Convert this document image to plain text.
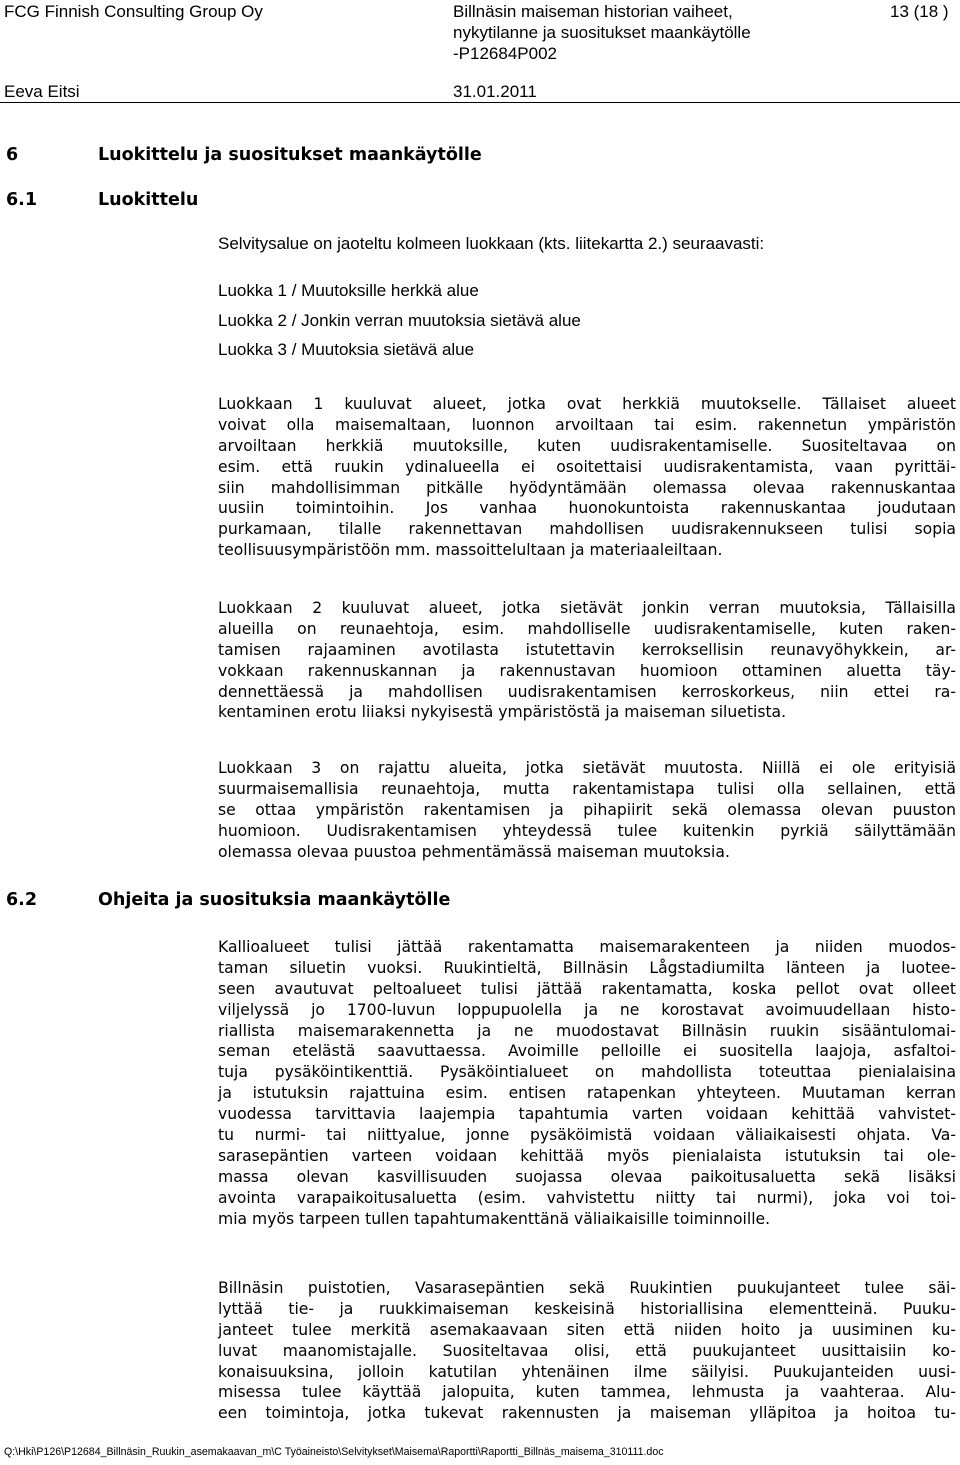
FCG Finnish Consulting Group Oy	Billnäsin maiseman historian vaiheet,
nykytilanne ja suositukset maankäytölle
-P12684P002
13 (18 )
Eeva Eitsi	31.01.2011
6	Luokittelu ja suositukset maankäytölle
6.1	Luokittelu
Selvitysalue on jaoteltu kolmeen luokkaan (kts. liitekartta 2.) seuraavasti:
Luokka 1 / Muutoksille herkkä alue
Luokka 2 / Jonkin verran muutoksia sietävä alue
Luokka 3 / Muutoksia sietävä alue
Luokkaan 1 kuuluvat alueet, jotka ovat herkkiä muutokselle. Tällaiset alueet
voivat olla maisemaltaan, luonnon arvoiltaan tai esim. rakennetun ympäristön
arvoiltaan herkkiä muutoksille, kuten uudisrakentamiselle. Suositeltavaa on
esim. että ruukin ydinalueella ei osoitettaisi uudisrakentamista, vaan pyrittäi-
siin mahdollisimman pitkälle hyödyntämään olemassa olevaa rakennuskantaa
uusiin toimintoihin. Jos vanhaa huonokuntoista rakennuskantaa joudutaan
purkamaan, tilalle rakennettavan mahdollisen uudisrakennukseen tulisi sopia
teollisuusympäristöön mm. massoittelultaan ja materiaaleiltaan.
Luokkaan 2 kuuluvat alueet, jotka sietävät jonkin verran muutoksia, Tällaisilla
alueilla on reunaehtoja, esim. mahdolliselle uudisrakentamiselle, kuten raken-
tamisen rajaaminen avotilasta istutettavin kerroksellisin reunavyöhykkein, ar-
vokkaan rakennuskannan ja rakennustavan huomioon ottaminen aluetta täy-
dennettäessä ja mahdollisen uudisrakentamisen kerroskorkeus, niin ettei ra-
kentaminen erotu liiaksi nykyisestä ympäristöstä ja maiseman siluetista.
Luokkaan 3 on rajattu alueita, jotka sietävät muutosta. Niillä ei ole erityisiä
suurmaisemallisia reunaehtoja, mutta rakentamistapa tulisi olla sellainen, että
se ottaa ympäristön rakentamisen ja pihapiirit sekä olemassa olevan puuston
huomioon. Uudisrakentamisen yhteydessä tulee kuitenkin pyrkiä säilyttämään
olemassa olevaa puustoa pehmentämässä maiseman muutoksia.
6.2	Ohjeita ja suosituksia maankäytölle
Kallioalueet tulisi jättää rakentamatta maisemarakenteen ja niiden muodos-
taman siluetin vuoksi. Ruukintieltä, Billnäsin Lågstadiumilta länteen ja luotee-
seen avautuvat peltoalueet tulisi jättää rakentamatta, koska pellot ovat olleet
viljelyssä jo 1700-luvun loppupuolella ja ne korostavat avoimuudellaan histo-
riallista maisemarakennetta ja ne muodostavat Billnäsin ruukin sisääntulomai-
seman etelästä saavuttaessa. Avoimille pelloille ei suositella laajoja, asfaltoi-
tuja pysäköintikenttiä. Pysäköintialueet on mahdollista toteuttaa pienialaisina
ja istutuksin rajattuina esim. entisen ratapenkan yhteyteen. Muutaman kerran
vuodessa tarvittavia laajempia tapahtumia varten voidaan kehittää vahvistet-
tu nurmi- tai niittyalue, jonne pysäköimistä voidaan väliaikaisesti ohjata. Va-
sarasepäntien varteen voidaan kehittää myös pienialaista istutuksin tai ole-
massa olevan kasvillisuuden suojassa olevaa paikoitusaluetta sekä lisäksi
avointa varapaikoitusaluetta (esim. vahvistettu niitty tai nurmi), joka voi toi-
mia myös tarpeen tullen tapahtumakenttänä väliaikaisille toiminnoille.
Billnäsin puistotien, Vasarasepäntien sekä Ruukintien puukujanteet tulee säi-
lyttää tie- ja ruukkimaiseman keskeisinä historiallisina elementteinä. Puuku-
janteet tulee merkitä asemakaavaan siten että niiden hoito ja uusiminen ku-
luvat maanomistajalle. Suositeltavaa olisi, että puukujanteet uusittaisiin ko-
konaisuuksina, jolloin katutilan yhtenäinen ilme säilyisi. Puukujanteiden uusi-
misessa tulee käyttää jalopuita, kuten tammea, lehmusta ja vaahteraa. Alu-
een toimintoja, jotka tukevat rakennusten ja maiseman ylläpitoa ja hoitoa tu-
Q:\Hki\P126\P12684_Billnäsin_Ruukin_asemakaavan_m\C Työaineisto\Selvitykset\Maisema\Raportti\Raportti_Billnäs_maisema_310111.doc
